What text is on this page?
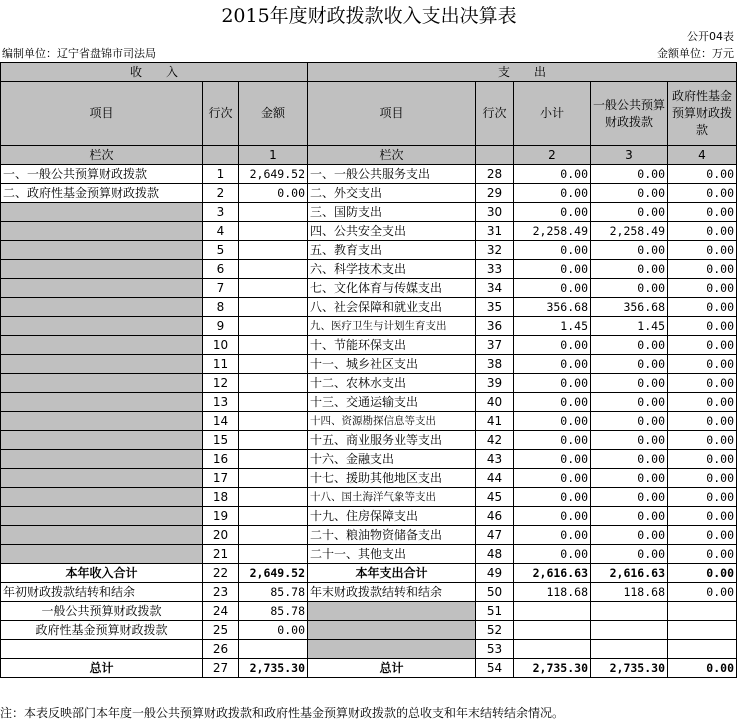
2015年度财政拨款收入支出决算表
公开04表
编制单位：辽宁省盘锦市司法局	金额单位：万元
收　　入			支　　出				
项目	行次	金额	项目	行次	小计	一般公共预算财政拨款	政府性基金预算财政拨款
栏次		1	栏次		2	3	4
一、一般公共预算财政拨款	1	2,649.52	一、一般公共服务支出	28	0.00	0.00	0.00
二、政府性基金预算财政拨款	2	0.00	二、外交支出	29	0.00	0.00	0.00
	3		三、国防支出	30	0.00	0.00	0.00
	4		四、公共安全支出	31	2,258.49	2,258.49	0.00
	5		五、教育支出	32	0.00	0.00	0.00
	6		六、科学技术支出	33	0.00	0.00	0.00
	7		七、文化体育与传媒支出	34	0.00	0.00	0.00
	8		八、社会保障和就业支出	35	356.68	356.68	0.00
	9		九、医疗卫生与计划生育支出	36	1.45	1.45	0.00
	10		十、节能环保支出	37	0.00	0.00	0.00
	11		十一、城乡社区支出	38	0.00	0.00	0.00
	12		十二、农林水支出	39	0.00	0.00	0.00
	13		十三、交通运输支出	40	0.00	0.00	0.00
	14		十四、资源勘探信息等支出	41	0.00	0.00	0.00
	15		十五、商业服务业等支出	42	0.00	0.00	0.00
	16		十六、金融支出	43	0.00	0.00	0.00
	17		十七、援助其他地区支出	44	0.00	0.00	0.00
	18		十八、国土海洋气象等支出	45	0.00	0.00	0.00
	19		十九、住房保障支出	46	0.00	0.00	0.00
	20		二十、粮油物资储备支出	47	0.00	0.00	0.00
	21		二十一、其他支出	48	0.00	0.00	0.00
本年收入合计	22	2,649.52	本年支出合计	49	2,616.63	2,616.63	0.00
年初财政拨款结转和结余	23	85.78	年末财政拨款结转和结余	50	118.68	118.68	0.00
一般公共预算财政拨款	24	85.78		51			
政府性基金预算财政拨款	25	0.00		52			
	26			53			
总计	27	2,735.30	总计	54	2,735.30	2,735.30	0.00
注：本表反映部门本年度一般公共预算财政拨款和政府性基金预算财政拨款的总收支和年末结转结余情况。
